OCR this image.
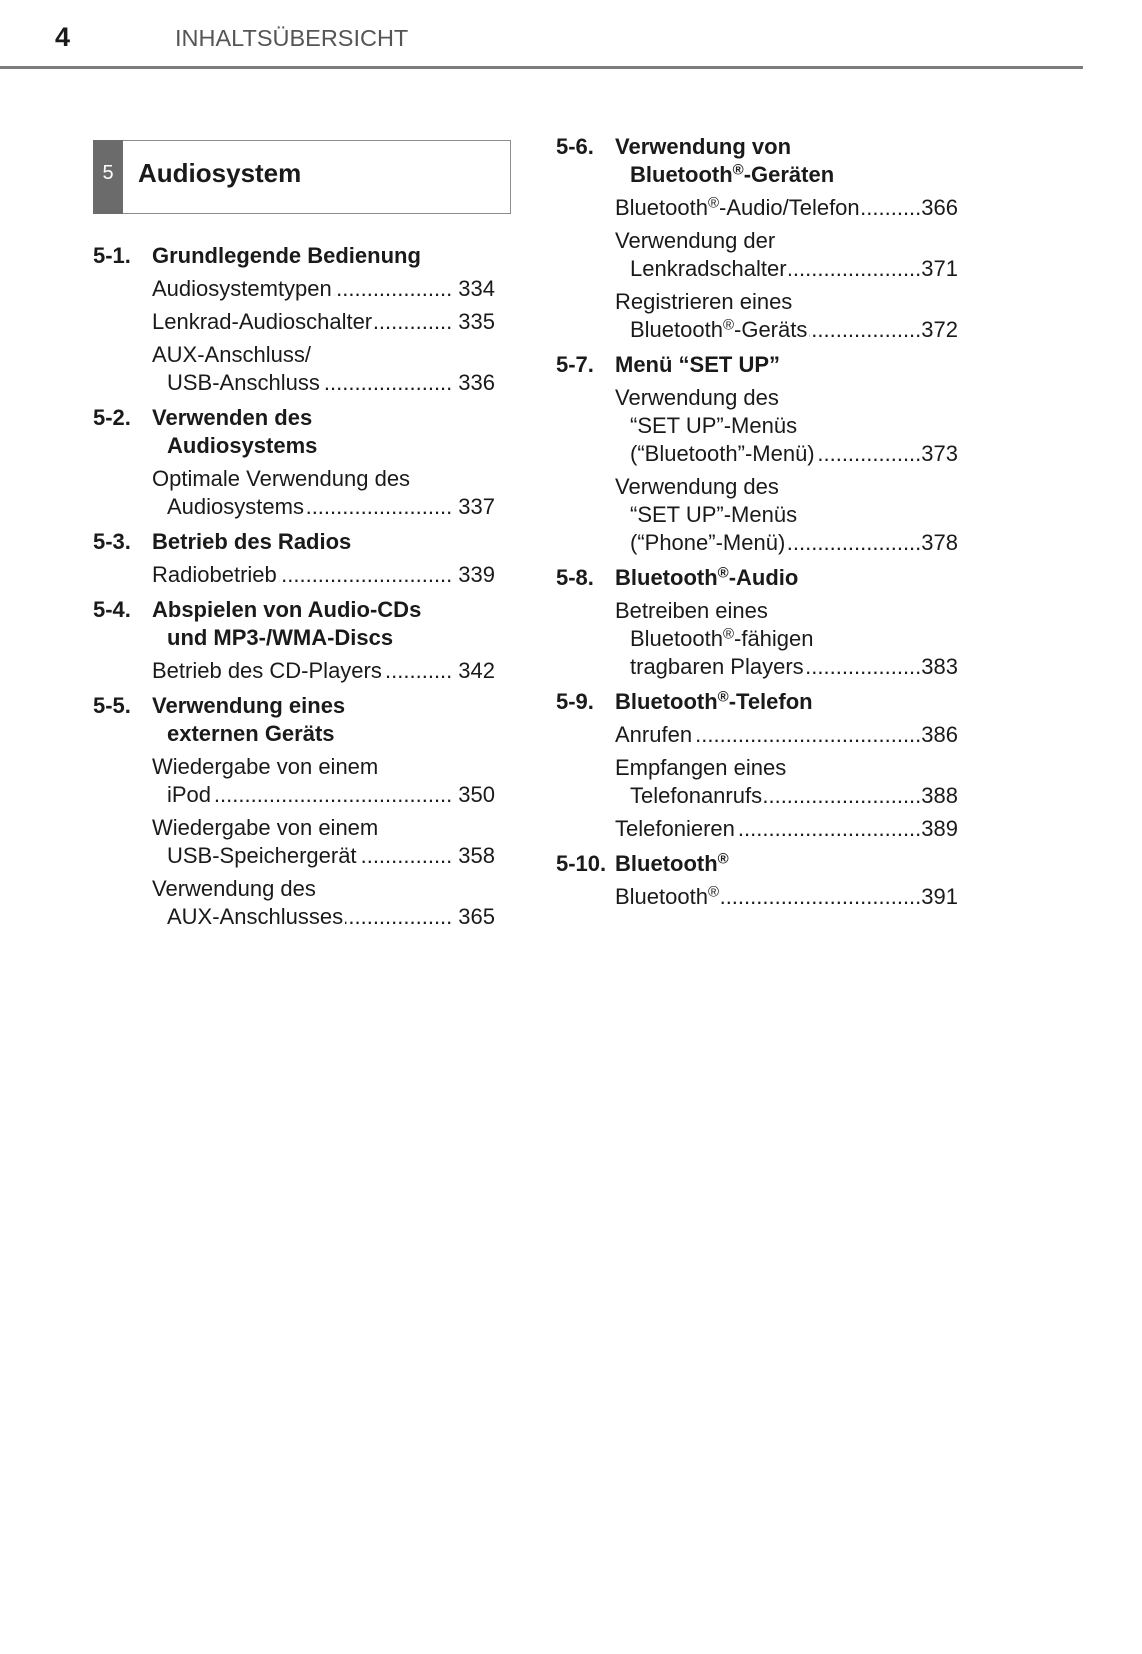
4	INHALTSÜBERSICHT
5 Audiosystem
5-1. Grundlegende Bedienung
Audiosystemtypen .....	334
Lenkrad-Audioschalter .....	335
AUX-Anschluss/
USB-Anschluss .....	336
5-2. Verwenden des
Audiosystems
Optimale Verwendung des
Audiosystems .....	337
5-3. Betrieb des Radios
Radiobetrieb .....	339
5-4. Abspielen von Audio-CDs
und MP3-/WMA-Discs
Betrieb des CD-Players .....	342
5-5. Verwendung eines
externen Geräts
Wiedergabe von einem
iPod .....	350
Wiedergabe von einem
USB-Speichergerät .....	358
Verwendung des
AUX-Anschlusses .....	365
5-6. Verwendung von
Bluetooth®-Geräten
Bluetooth®-Audio/Telefon .....	366
Verwendung der
Lenkradschalter .....	371
Registrieren eines
Bluetooth®-Geräts .....	372
5-7. Menü “SET UP”
Verwendung des
“SET UP”-Menüs
(“Bluetooth”-Menü) .....	373
Verwendung des
“SET UP”-Menüs
(“Phone”-Menü) .....	378
5-8. Bluetooth®-Audio
Betreiben eines
Bluetooth®-fähigen
tragbaren Players .....	383
5-9. Bluetooth®-Telefon
Anrufen .....	386
Empfangen eines
Telefonanrufs .....	388
Telefonieren .....	389
5-10. Bluetooth®
Bluetooth® .....	391
